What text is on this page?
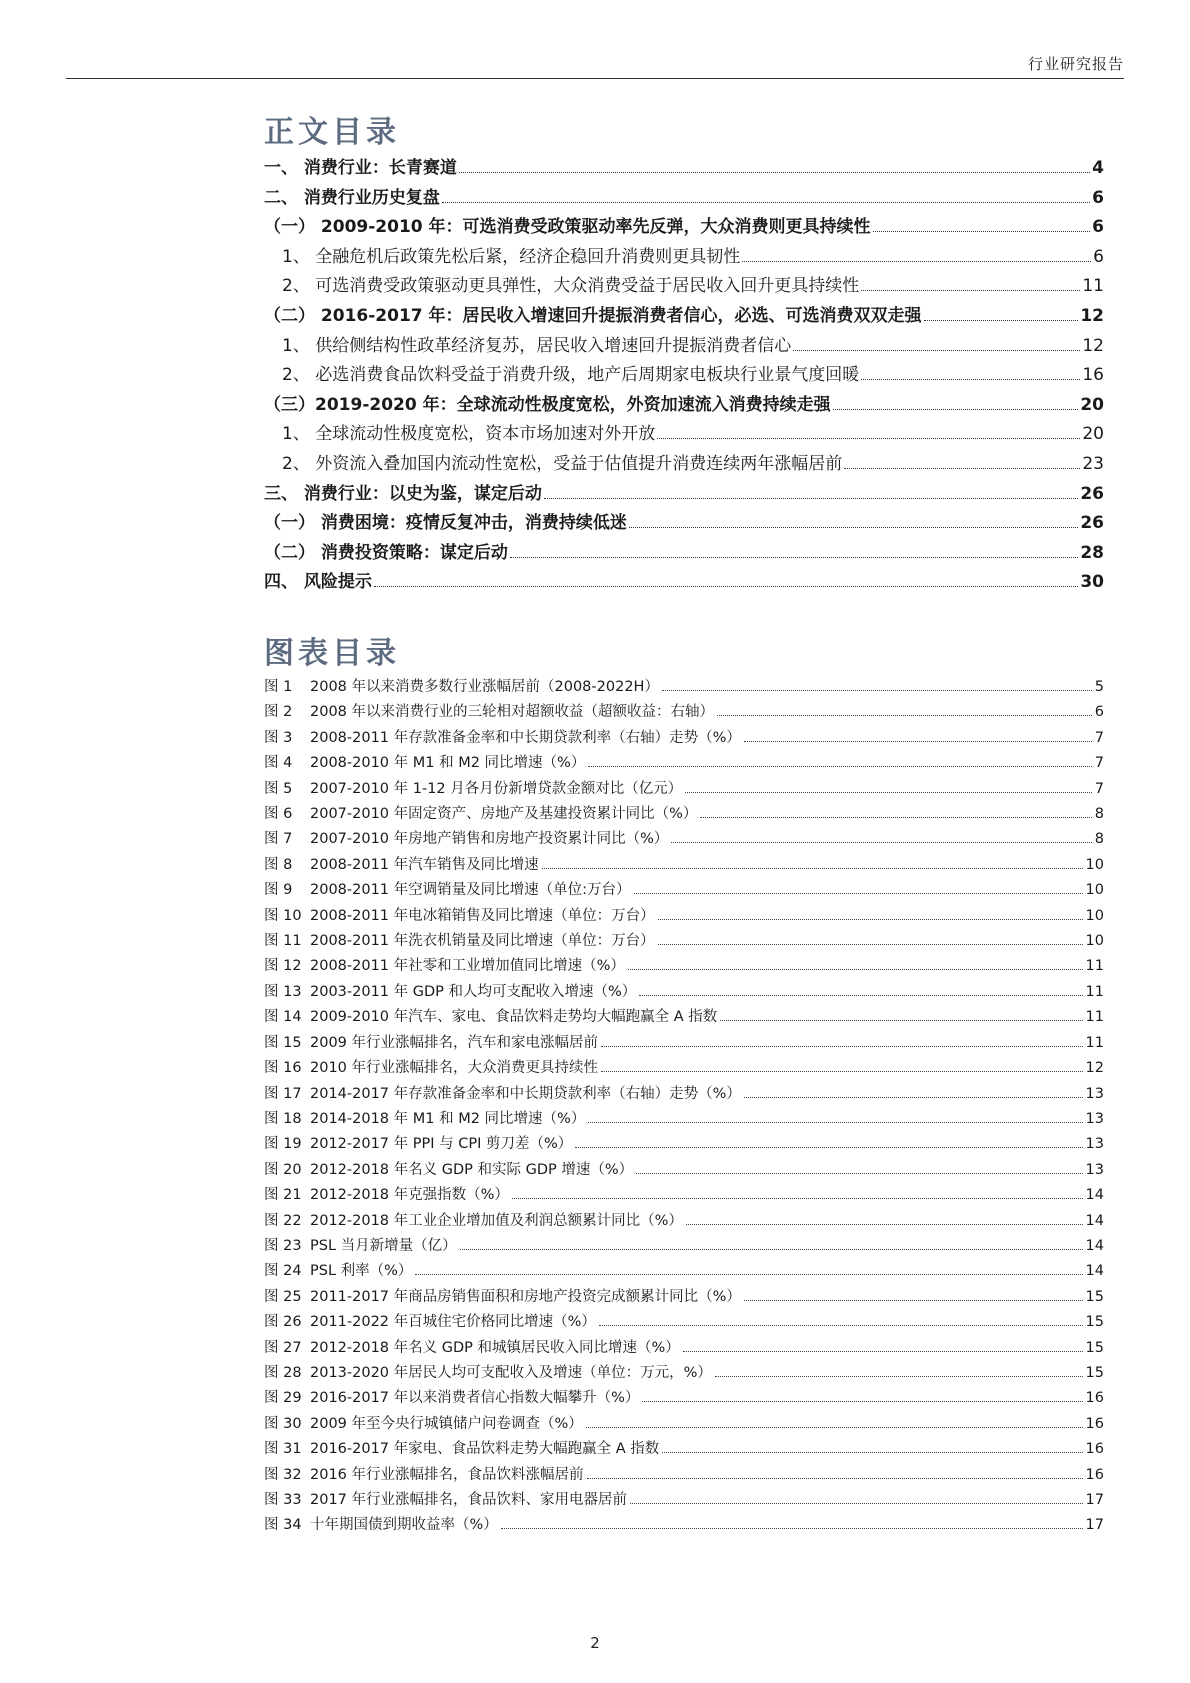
行业研究报告
正文目录
一、 消费行业：长青赛道	4
二、 消费行业历史复盘	6
（一） 2009-2010 年：可选消费受政策驱动率先反弹，大众消费则更具持续性	6
1、 全融危机后政策先松后紧，经济企稳回升消费则更具韧性	6
2、 可选消费受政策驱动更具弹性，大众消费受益于居民收入回升更具持续性	11
（二） 2016-2017 年：居民收入增速回升提振消费者信心，必选、可选消费双双走强	12
1、 供给侧结构性政革经济复苏，居民收入增速回升提振消费者信心	12
2、 必选消费食品饮料受益于消费升级，地产后周期家电板块行业景气度回暖	16
（三）2019-2020 年：全球流动性极度宽松，外资加速流入消费持续走强	20
1、 全球流动性极度宽松，资本市场加速对外开放	20
2、 外资流入叠加国内流动性宽松，受益于估值提升消费连续两年涨幅居前	23
三、 消费行业：以史为鉴，谋定后动	26
（一） 消费困境：疫情反复冲击，消费持续低迷	26
（二） 消费投资策略：谋定后动	28
四、 风险提示	30
图表目录
图 1	2008 年以来消费多数行业涨幅居前（2008-2022H）	5
图 2	2008 年以来消费行业的三轮相对超额收益（超额收益：右轴）	6
图 3	2008-2011 年存款准备金率和中长期贷款利率（右轴）走势（%）	7
图 4	2008-2010 年 M1 和 M2 同比增速（%）	7
图 5	2007-2010 年 1-12 月各月份新增贷款金额对比（亿元）	7
图 6	2007-2010 年固定资产、房地产及基建投资累计同比（%）	8
图 7	2007-2010 年房地产销售和房地产投资累计同比（%）	8
图 8	2008-2011 年汽车销售及同比增速	10
图 9	2008-2011 年空调销量及同比增速（单位:万台）	10
图 10 2008-2011 年电冰箱销售及同比增速（单位：万台）	10
图 11 2008-2011 年洗衣机销量及同比增速（单位：万台）	10
图 12 2008-2011 年社零和工业增加值同比增速（%）	11
图 13 2003-2011 年 GDP 和人均可支配收入增速（%）	11
图 14 2009-2010 年汽车、家电、食品饮料走势均大幅跑赢全 A 指数	11
图 15 2009 年行业涨幅排名，汽车和家电涨幅居前	11
图 16 2010 年行业涨幅排名，大众消费更具持续性	12
图 17 2014-2017 年存款准备金率和中长期贷款利率（右轴）走势（%）	13
图 18 2014-2018 年 M1 和 M2 同比增速（%）	13
图 19 2012-2017 年 PPI 与 CPI 剪刀差（%）	13
图 20 2012-2018 年名义 GDP 和实际 GDP 增速（%）	13
图 21 2012-2018 年克强指数（%）	14
图 22 2012-2018 年工业企业增加值及利润总额累计同比（%）	14
图 23 PSL 当月新增量（亿）	14
图 24 PSL 利率（%）	14
图 25 2011-2017 年商品房销售面积和房地产投资完成额累计同比（%）	15
图 26 2011-2022 年百城住宅价格同比增速（%）	15
图 27 2012-2018 年名义 GDP 和城镇居民收入同比增速（%）	15
图 28 2013-2020 年居民人均可支配收入及增速（单位：万元，%）	15
图 29 2016-2017 年以来消费者信心指数大幅攀升（%）	16
图 30 2009 年至今央行城镇储户问卷调查（%）	16
图 31 2016-2017 年家电、食品饮料走势大幅跑赢全 A 指数	16
图 32 2016 年行业涨幅排名，食品饮料涨幅居前	16
图 33 2017 年行业涨幅排名，食品饮料、家用电器居前	17
图 34 十年期国债到期收益率（%）	17
2
